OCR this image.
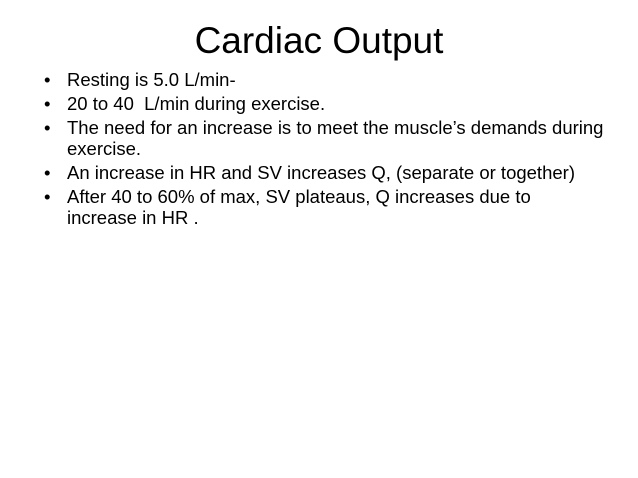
Cardiac Output
• Resting is 5.0 L/min-
• 20 to 40  L/min during exercise.
• The need for an increase is to meet the muscle’s demands during exercise.
• An increase in HR and SV increases Q, (separate or together)
• After 40 to 60% of max, SV plateaus, Q increases due to increase in HR .
